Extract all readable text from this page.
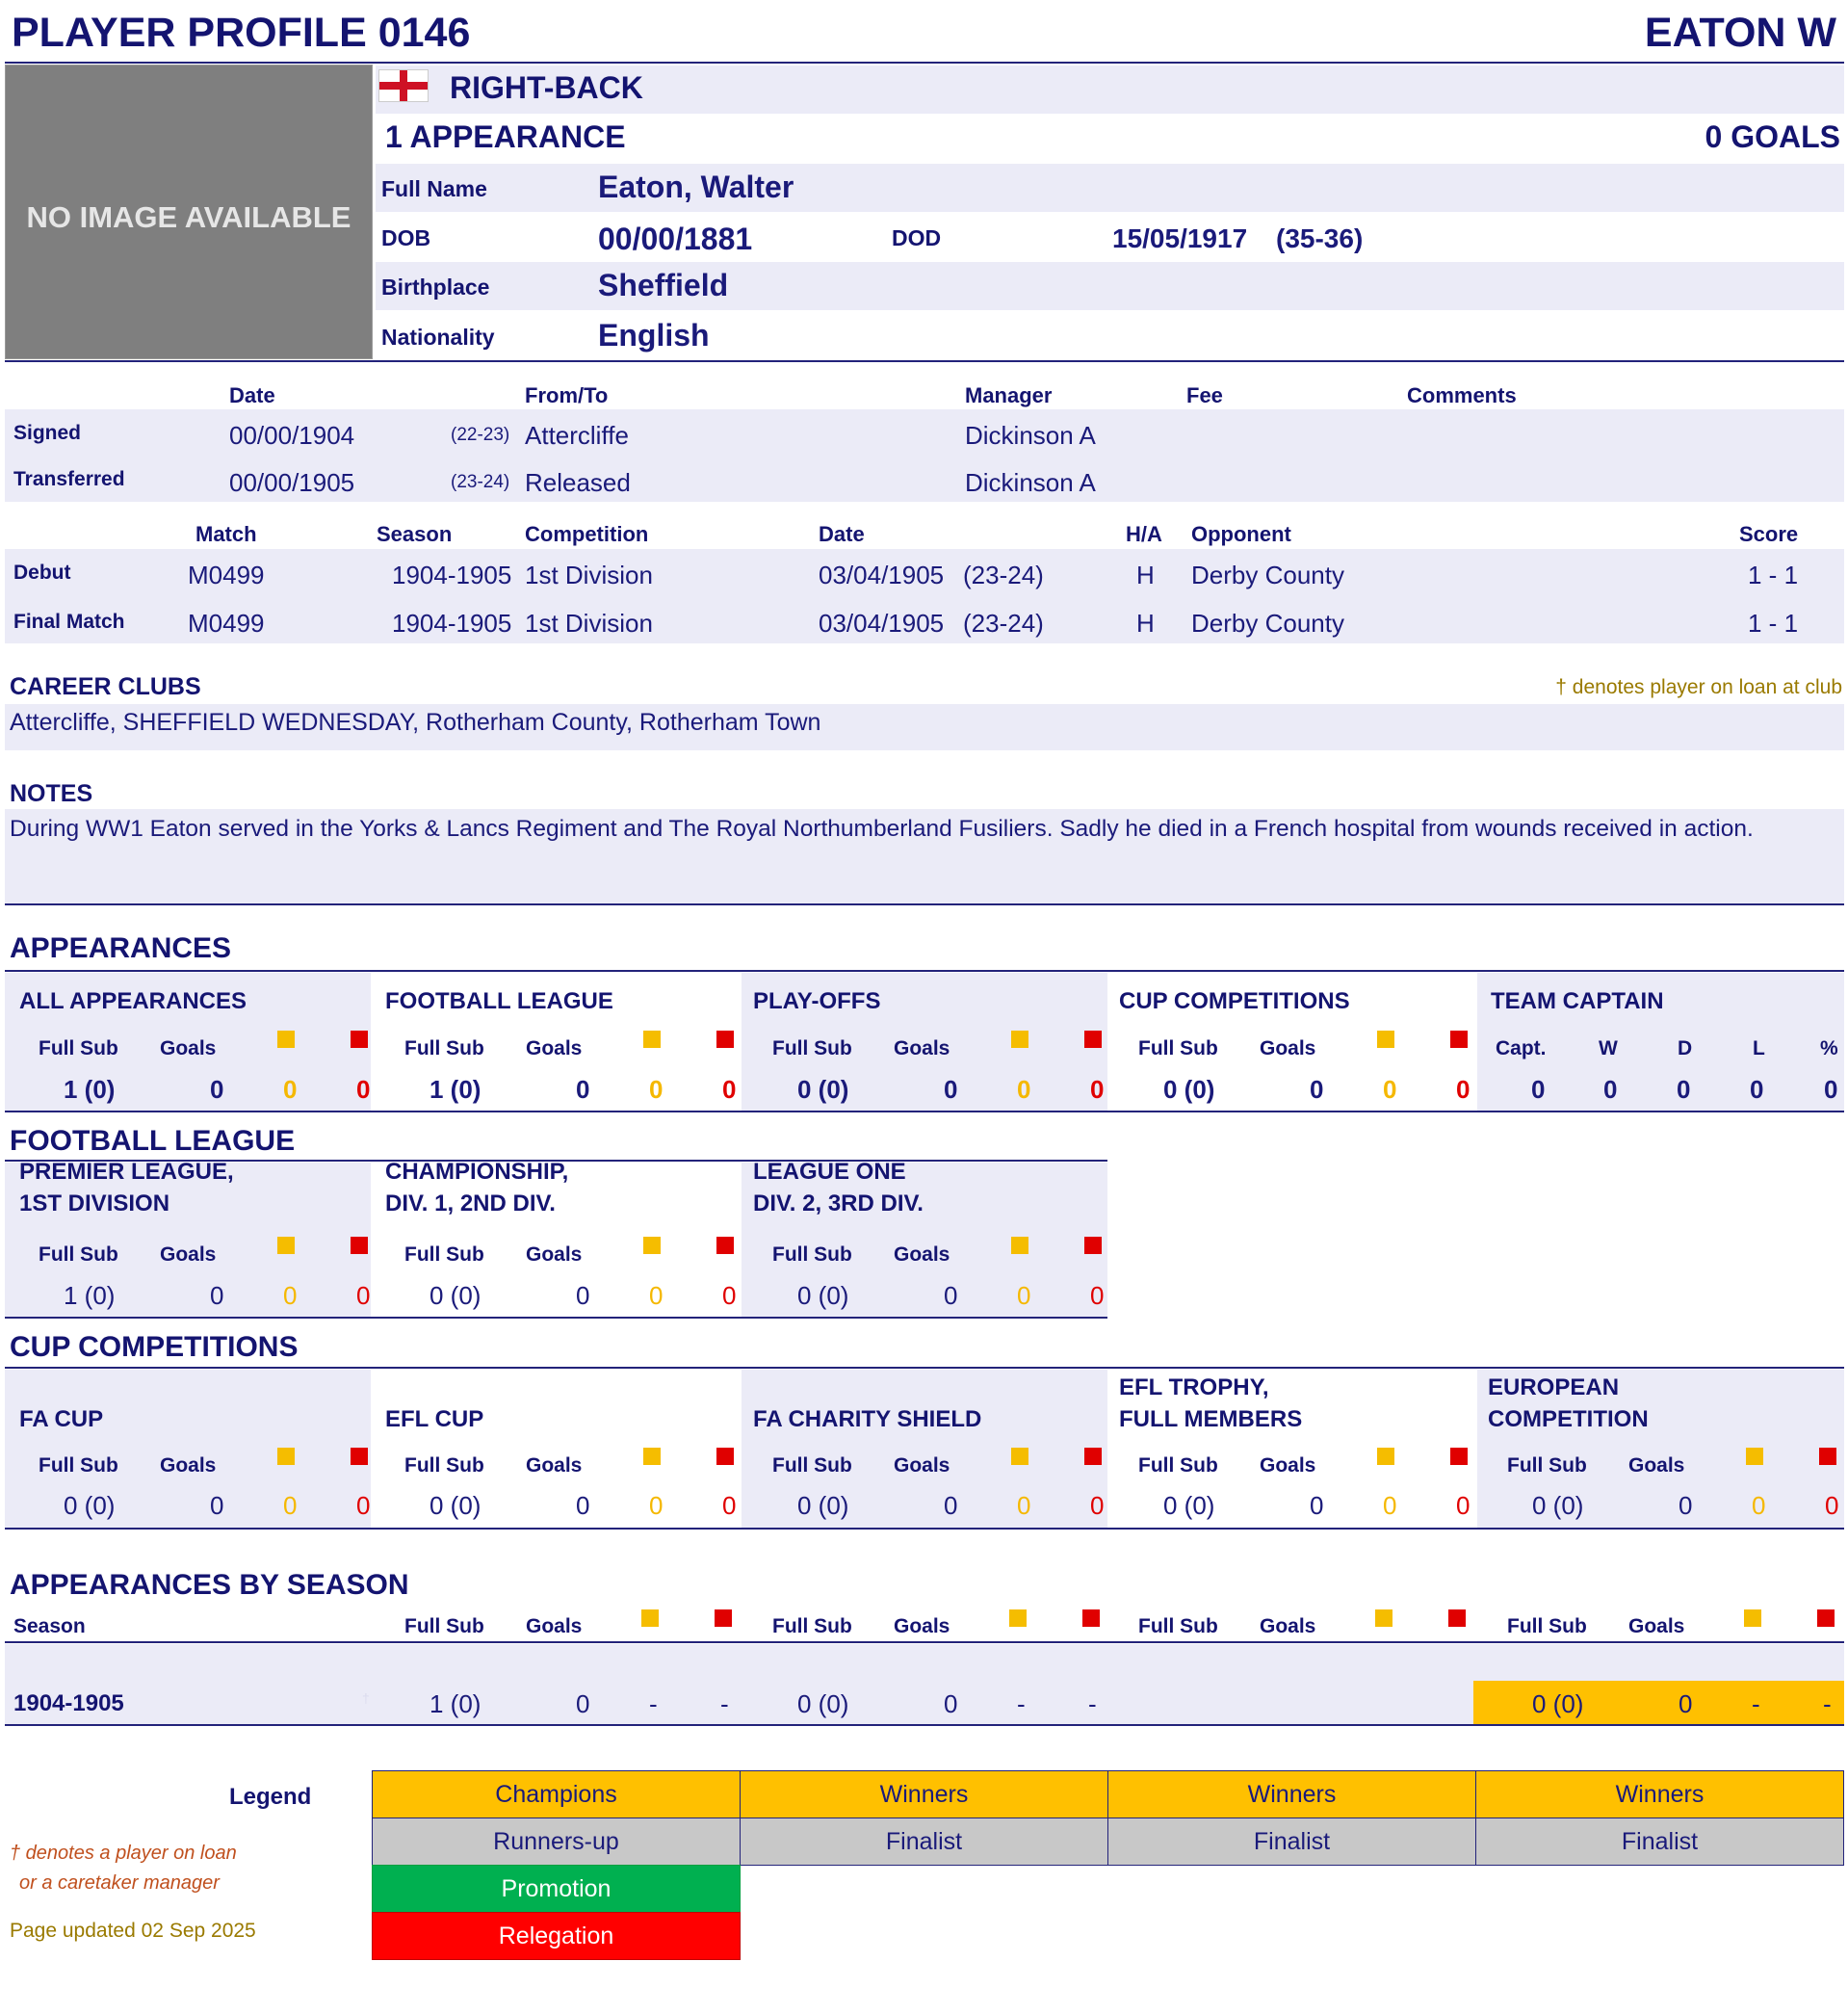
PLAYER PROFILE 0146	EATON W
NO IMAGE AVAILABLE
RIGHT-BACK
1 APPEARANCE	0 GOALS
Full Name	Eaton, Walter
DOB	00/00/1881	DOD	15/05/1917 (35-36)
Birthplace	Sheffield
Nationality	English
Date	From/To	Manager	Fee	Comments
Signed	00/00/1904	(22-23) Attercliffe	Dickinson A
Transferred	00/00/1905	(23-24) Released	Dickinson A
Match	Season	Competition	Date	H/A Opponent	Score
Debut	M0499	1904-1905 1st Division	03/04/1905 (23-24)	H Derby County	1 - 1
Final Match	M0499	1904-1905 1st Division	03/04/1905 (23-24)	H Derby County	1 - 1
CAREER CLUBS	† denotes player on loan at club
Attercliffe, SHEFFIELD WEDNESDAY, Rotherham County, Rotherham Town
NOTES
During WW1 Eaton served in the Yorks & Lancs Regiment and The Royal Northumberland Fusiliers. Sadly he died in a French hospital from wounds received in action.
APPEARANCES
ALL APPEARANCES
Full Sub Goals
1 (0)	0 0 0
FOOTBALL LEAGUE
Full Sub Goals
1 (0)	0 0 0
PLAY-OFFS
Full Sub Goals
0 (0)	0 0 0
CUP COMPETITIONS
Full Sub Goals
0 (0)	0 0 0
TEAM CAPTAIN
Capt.	W	D	L	%
0 0 0 0 0
FOOTBALL LEAGUE
PREMIER LEAGUE,
1ST DIVISION
Full Sub Goals
1 (0)	0 0 0
CHAMPIONSHIP,
DIV. 1, 2ND DIV.
Full Sub Goals
0 (0)	0 0 0
LEAGUE ONE
DIV. 2, 3RD DIV.
Full Sub Goals
0 (0)	0 0 0
CUP COMPETITIONS
FA CUP
Full Sub Goals
0 (0)	0 0 0
EFL CUP
Full Sub Goals
0 (0)	0 0 0
FA CHARITY SHIELD
Full Sub Goals
0 (0)	0 0 0
EFL TROPHY,
FULL MEMBERS
Full Sub Goals
0 (0)	0 0 0
EUROPEAN
COMPETITION
Full Sub Goals
0 (0)	0 0 0
APPEARANCES BY SEASON
Season	Full Sub Goals	Full Sub Goals	Full Sub Goals	Full Sub Goals
1904-1905	† 1 (0)	0 -	-	0 (0)	0 -	-	0 (0)	0 -	-
Legend
† denotes a player on loan
or a caretaker manager
Page updated 02 Sep 2025
Champions	Winners	Winners	Winners
Runners-up	Finalist	Finalist	Finalist
Promotion
Relegation
